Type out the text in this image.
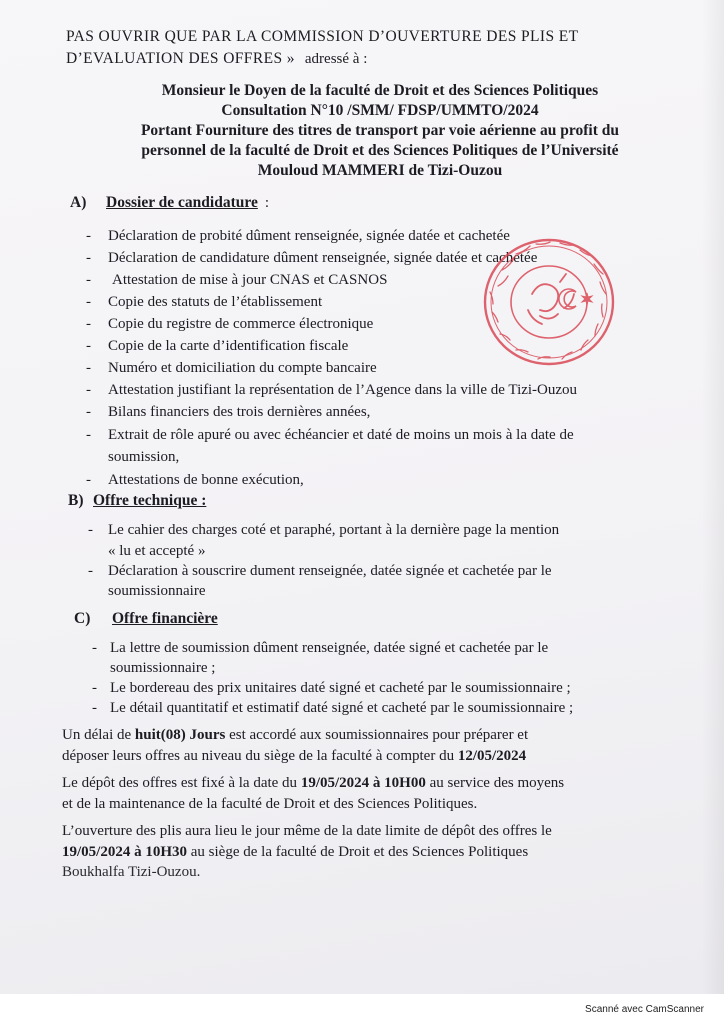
PAS OUVRIR QUE PAR LA COMMISSION D’OUVERTURE DES PLIS ET
D’EVALUATION DES OFFRES » adressé à :
Monsieur le Doyen de la faculté de Droit et des Sciences Politiques
Consultation N°10 /SMM/ FDSP/UMMTO/2024
Portant Fourniture des titres de transport par voie aérienne au profit du
personnel de la faculté de Droit et des Sciences Politiques de l’Université
Mouloud MAMMERI de Tizi-Ouzou
A) Dossier de candidature :
- Déclaration de probité dûment renseignée, signée datée et cachetée
- Déclaration de candidature dûment renseignée, signée datée et cachetée
- Attestation de mise à jour CNAS et CASNOS
- Copie des statuts de l’établissement
- Copie du registre de commerce électronique
- Copie de la carte d’identification fiscale
- Numéro et domiciliation du compte bancaire
- Attestation justifiant la représentation de l’Agence dans la ville de Tizi-Ouzou
- Bilans financiers des trois dernières années,
- Extrait de rôle apuré ou avec échéancier et daté de moins un mois à la date de
soumission,
- Attestations de bonne exécution,
B) Offre technique :
- Le cahier des charges coté et paraphé, portant à la dernière page la mention
« lu et accepté »
- Déclaration à souscrire dument renseignée, datée signée et cachetée par le
soumissionnaire
C) Offre financière
- La lettre de soumission dûment renseignée, datée signé et cachetée par le
soumissionnaire ;
- Le bordereau des prix unitaires daté signé et cacheté par le soumissionnaire ;
- Le détail quantitatif et estimatif daté signé et cacheté par le soumissionnaire ;
Un délai de huit(08) Jours est accordé aux soumissionnaires pour préparer et
déposer leurs offres au niveau du siège de la faculté à compter du 12/05/2024
Le dépôt des offres est fixé à la date du 19/05/2024 à 10H00 au service des moyens
et de la maintenance de la faculté de Droit et des Sciences Politiques.
L’ouverture des plis aura lieu le jour même de la date limite de dépôt des offres le
19/05/2024 à 10H30 au siège de la faculté de Droit et des Sciences Politiques
Boukhalfa Tizi-Ouzou.
Scanné avec CamScanner
